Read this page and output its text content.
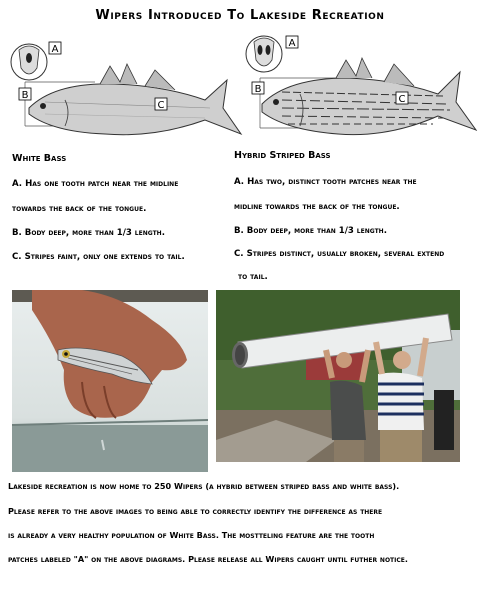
Wipers Introduced To Lakeside Recreation
A
B
C
A
B
C
White Bass
A. Has one tooth patch near the midline
towards the back of the tongue.
B. Body deep, more than 1/3 length.
C. Stripes faint, only one extends to tail.
Hybrid Striped Bass
A. Has two, distinct tooth patches near the
midline towards the back of the tongue.
B. Body deep, more than 1/3 length.
C. Stripes distinct, usually broken, several extend
to tail.
Lakeside recreation is now home to 250 Wipers (a hybrid between striped bass and white bass).
Please refer to the above images to being able to correctly identify the difference as there
is already a very healthy population of White Bass. The mostteling feature are the tooth
patches labeled "A" on the above diagrams. Please release all Wipers caught until futher notice.
